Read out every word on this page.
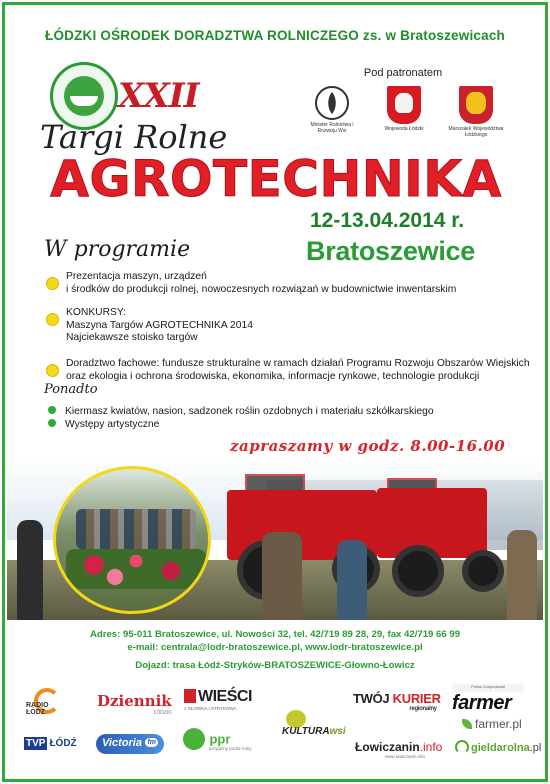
ŁÓDZKI OŚRODEK DORADZTWA ROLNICZEGO zs. w Bratoszewicach
XXII
Targi Rolne
AGROTECHNIKA
Pod patronatem
Minister Rolnictwa i Rozwoju Wsi	Wojewoda Łódzki	Marszałek Województwa Łódzkiego
12-13.04.2014 r.
Bratoszewice
W programie
Prezentacja maszyn, urządzeń
i środków do produkcji rolnej, nowoczesnych rozwiązań w budownictwie inwentarskim
KONKURSY:
Maszyna Targów AGROTECHNIKA 2014
Najciekawsze stoisko targów
Doradztwo fachowe: fundusze strukturalne w ramach działań Programu Rozwoju Obszarów Wiejskich
oraz ekologia i ochrona środowiska, ekonomika, informacje rynkowe, technologie produkcji
Ponadto
Kiermasz kwiatów, nasion, sadzonek roślin ozdobnych i materiału szkółkarskiego
Występy artystyczne
zapraszamy w godz. 8.00-16.00
Adres: 95-011 Bratoszewice, ul. Nowości 32, tel. 42/719 89 28, 29, fax 42/719 66 99
e-mail: centrala@lodr-bratoszewice.pl, www.lodr-bratoszewice.pl
Dojazd: trasa Łódź-Stryków-BRATOSZEWICE-Głowno-Łowicz
RADIO ŁÓDŹ
Dziennik
ŁÓDZKI
WIEŚCI
z GŁOWNA I STRYKOWA
TWÓJ KURIER
regionalny
Portal Gospodarski
farmer
farmer.pl
TVP ŁÓDŹ	Victoria fm	ppr
przyjazny portal rolny
KULTURAwsi
Łowiczanin.info
www.lowiczanin.info
gieldarolna.pl
